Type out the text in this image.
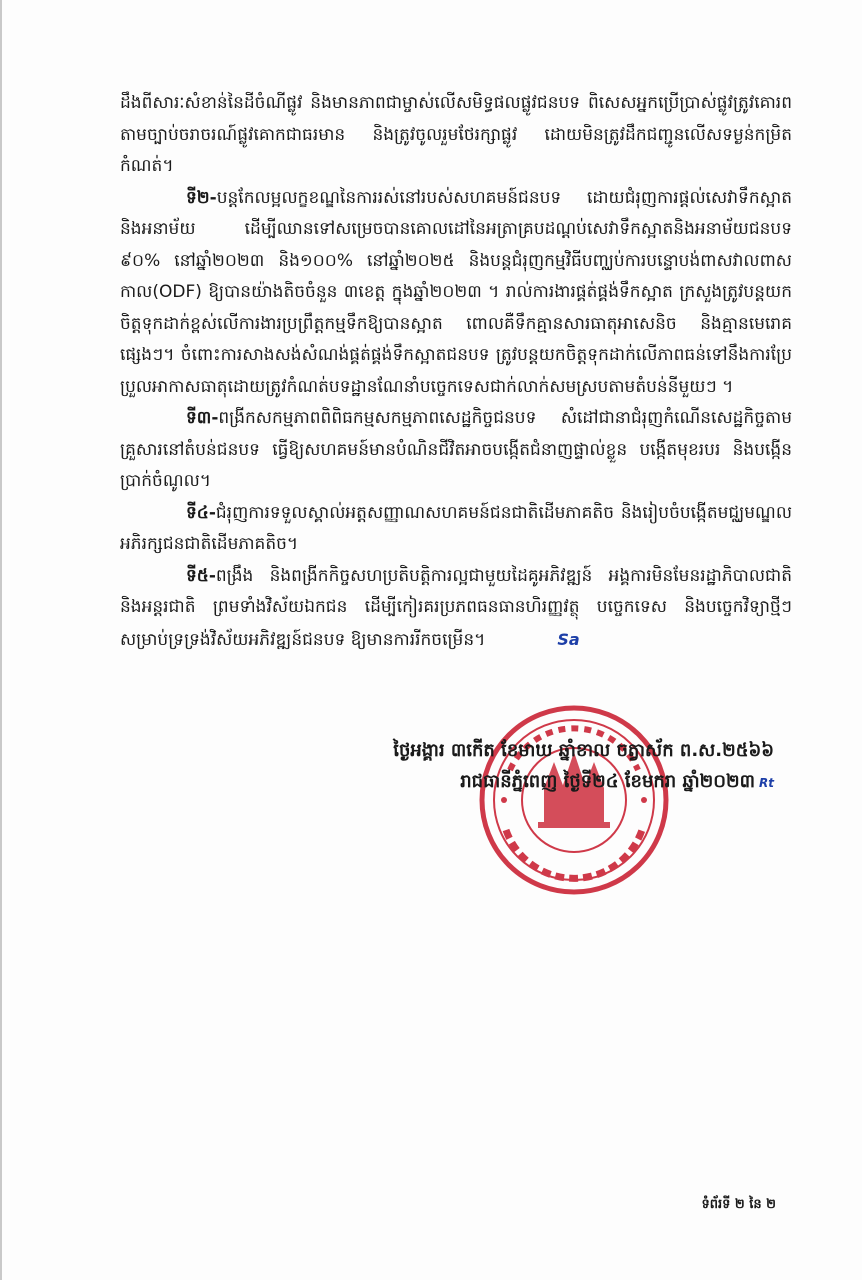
ដឹងពីសារៈសំខាន់នៃដីចំណីផ្លូវ និងមានភាពជាម្ចាស់លើសមិទ្ធផលផ្លូវជនបទ ពិសេសអ្នកប្រើប្រាស់ផ្លូវត្រូវគោរពតាមច្បាប់ចរាចរណ៍ផ្លូវគោកជាធរមាន និងត្រូវចូលរួមថែរក្សាផ្លូវ ដោយមិនត្រូវដឹកជញ្ជូនលើសទម្ងន់កម្រិតកំណត់។

ទី២-បន្តកែលម្អលក្ខខណ្ឌនៃការរស់នៅរបស់សហគមន៍ជនបទ ដោយជំរុញការផ្តល់សេវាទឹកស្អាត និងអនាម័យ ដើម្បីឈានទៅសម្រេចបានគោលដៅនៃអត្រាគ្របដណ្តប់សេវាទឹកស្អាតនិងអនាម័យជនបទ ៩០% នៅឆ្នាំ២០២៣ និង១០០% នៅឆ្នាំ២០២៥ និងបន្តជំរុញកម្មវិធីបញ្ឈប់ការបន្ទោបង់ពាសវាលពាសកាល(ODF) ឱ្យបានយ៉ាងតិចចំនួន ៣ខេត្ត ក្នុងឆ្នាំ២០២៣ ។ រាល់ការងារផ្គត់ផ្គង់ទឹកស្អាត ក្រសួងត្រូវបន្តយកចិត្តទុកដាក់ខ្ពស់លើការងារប្រព្រឹត្តកម្មទឹកឱ្យបានស្អាត ពោលគឺទឹកគ្មានសារធាតុអាសេនិច និងគ្មានមេរោគផ្សេងៗ។ ចំពោះការសាងសង់សំណង់ផ្គត់ផ្គង់ទឹកស្អាតជនបទ ត្រូវបន្តយកចិត្តទុកដាក់លើភាពធន់ទៅនឹងការប្រែប្រួលអាកាសធាតុដោយត្រូវកំណត់បទដ្ឋានណែនាំបច្ចេកទេសជាក់លាក់សមស្របតាមតំបន់នីមួយៗ ។

ទី៣-ពង្រីកសកម្មភាពពិពិធកម្មសកម្មភាពសេដ្ឋកិច្ចជនបទ សំដៅជានាជំរុញកំណើនសេដ្ឋកិច្ចតាមគ្រួសារនៅតំបន់ជនបទ ធ្វើឱ្យសហគមន៍មានបំណិនជីវិតអាចបង្កើតជំនាញផ្ទាល់ខ្លួន បង្កើតមុខរបរ និងបង្កើនប្រាក់ចំណូល។

ទី៤-ជំរុញការទទួលស្គាល់អត្តសញ្ញាណសហគមន៍ជនជាតិដើមភាគតិច និងរៀបចំបង្កើតមជ្ឈមណ្ឌលអភិរក្សជនជាតិដើមភាគតិច។

ទី៥-ពង្រឹង និងពង្រីកកិច្ចសហប្រតិបត្តិការល្អជាមួយដៃគូអភិវឌ្ឍន៍ អង្គការមិនមែនរដ្ឋាភិបាលជាតិ និងអន្តរជាតិ ព្រមទាំងវិស័យឯកជន ដើម្បីកៀរគរប្រភពធនធានហិរញ្ញវត្ថុ បច្ចេកទេស និងបច្ចេកវិទ្យាថ្មីៗ សម្រាប់ទ្រទ្រង់វិស័យអភិវឌ្ឍន៍ជនបទ ឱ្យមានការរីកចម្រើន។	Sa

ថ្ងៃអង្គារ ៣កើត ខែមាឃ ឆ្នាំខាល ចត្វាស័ក ព.ស.២៥៦៦
រាជធានីភ្នំពេញ ថ្ងៃទី២៤ ខែមករា ឆ្នាំ២០២៣ Rt
ទំព័រទី ២ នៃ ២
